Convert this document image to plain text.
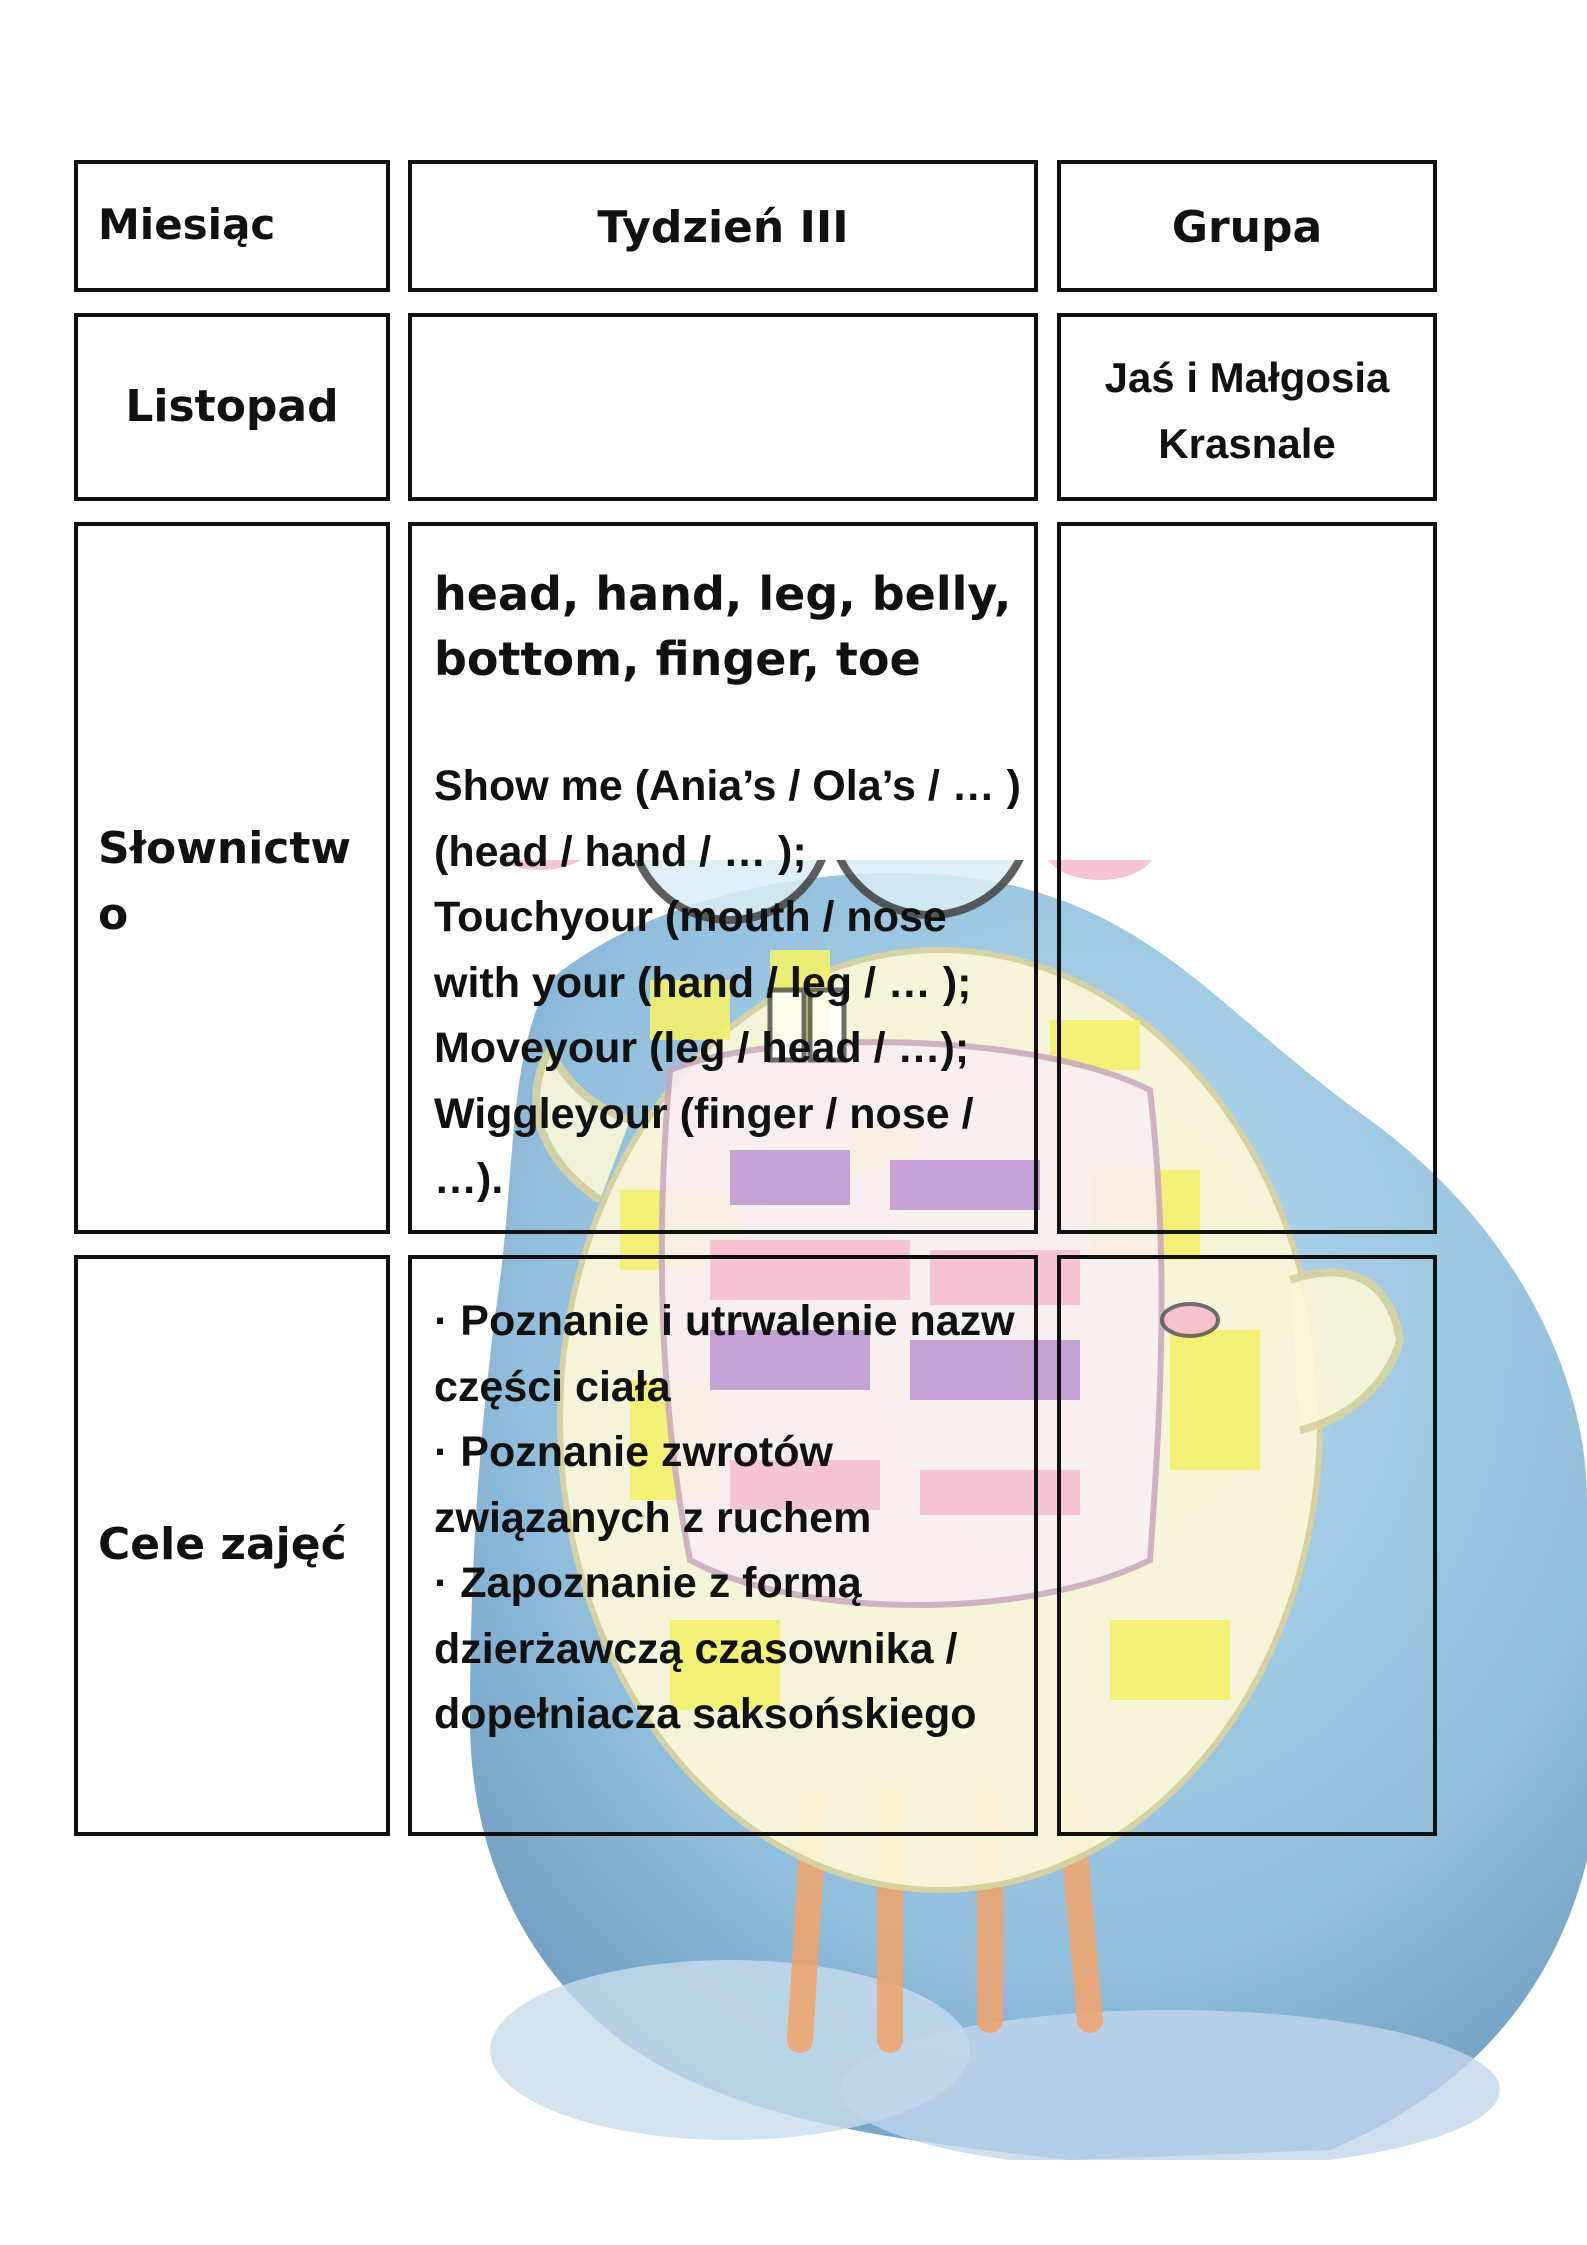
Miesiąc	Tydzień III	Grupa
Listopad
Jaś i Małgosia
Krasnale
Słownictwo
head, hand, leg, belly, bottom, finger, toe
Show me (Ania’s / Ola’s / … ) (head / hand / … ); Touchyour (mouth / nose with your (hand / leg / … ); Moveyour (leg / head / …); Wiggleyour (finger / nose / …).
Cele zajęć
· Poznanie i utrwalenie nazw części ciała
· Poznanie zwrotów związanych z ruchem
· Zapoznanie z formą dzierżawczą czasownika / dopełniacza saksońskiego
